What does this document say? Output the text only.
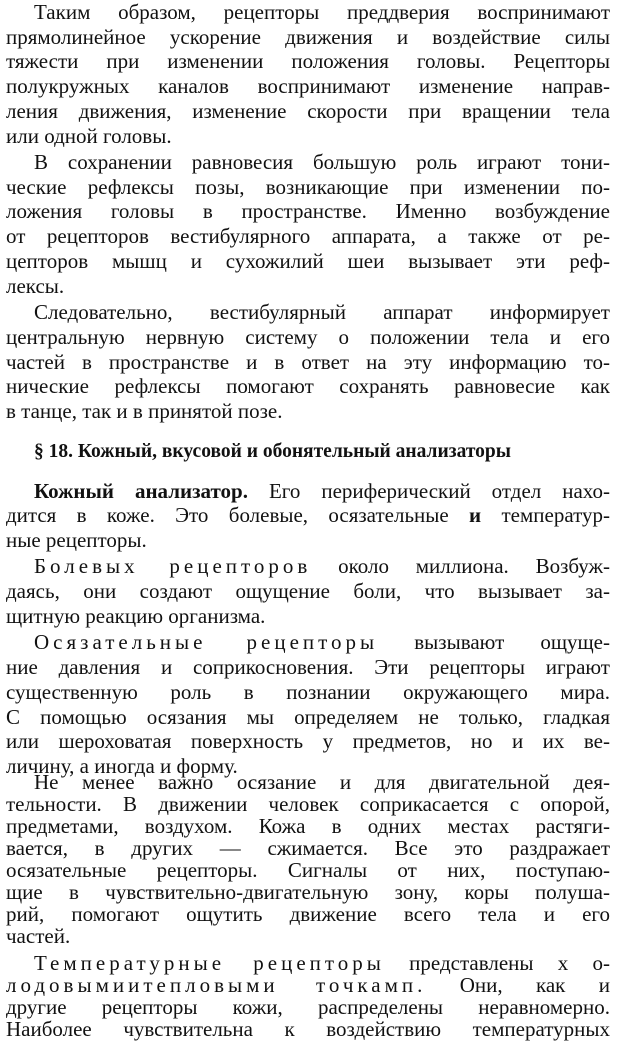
Таким образом, рецепторы преддверия воспринимают
прямолинейное ускорение движения и воздействие силы
тяжести при изменении положения головы. Рецепторы
полукружных каналов воспринимают изменение направ-
ления движения, изменение скорости при вращении тела
или одной головы.
В сохранении равновесия большую роль играют тони-
ческие рефлексы позы, возникающие при изменении по-
ложения головы в пространстве. Именно возбуждение
от рецепторов вестибулярного аппарата, а также от ре-
цепторов мышц и сухожилий шеи вызывает эти реф-
лексы.
Следовательно, вестибулярный аппарат информирует
центральную нервную систему о положении тела и его
частей в пространстве и в ответ на эту информацию то-
нические рефлексы помогают сохранять равновесие как
в танце, так и в принятой позе.
§ 18. Кожный, вкусовой и обонятельный анализаторы
Кожный анализатор. Его периферический отдел нахо-
дится в коже. Это болевые, осязательные и температур-
ные рецепторы.
Болевых рецепторов около миллиона. Возбуж-
даясь, они создают ощущение боли, что вызывает за-
щитную реакцию организма.
Осязательные рецепторы вызывают ощуще-
ние давления и соприкосновения. Эти рецепторы играют
существенную роль в познании окружающего мира.
С помощью осязания мы определяем не только, гладкая
или шероховатая поверхность у предметов, но и их ве-
личину, а иногда и форму.
Не менее важно осязание и для двигательной дея-
тельности. В движении человек соприкасается с опорой,
предметами, воздухом. Кожа в одних местах растяги-
вается, в других — сжимается. Все это раздражает
осязательные рецепторы. Сигналы от них, поступаю-
щие в чувствительно-двигательную зону, коры полуша-
рий, помогают ощутить движение всего тела и его
частей.
Температурные рецепторы представлены х о-
лодовымиитепловыми точкамп. Они, как и
другие рецепторы кожи, распределены неравномерно.
Наиболее чувствительна к воздействию температурных
